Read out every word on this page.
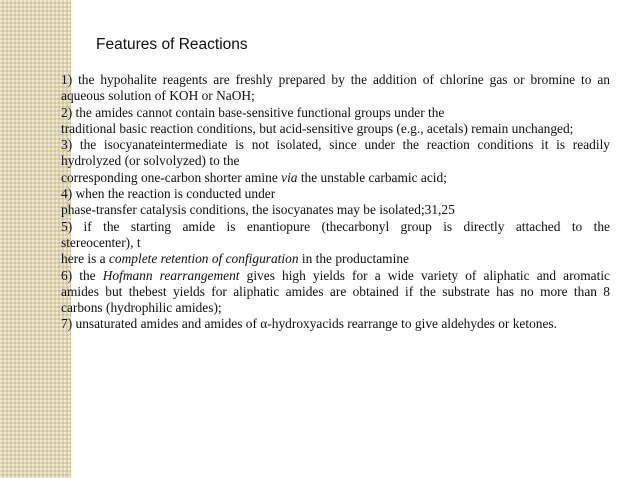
Features of Reactions
1) the hypohalite reagents are freshly prepared by the addition of chlorine gas or bromine to an
aqueous solution of KOH or NaOH;
2) the amides cannot contain base-sensitive functional groups under the
traditional basic reaction conditions, but acid-sensitive groups (e.g., acetals) remain unchanged;
3) the isocyanateintermediate is not isolated, since under the reaction conditions it is readily
hydrolyzed (or solvolyzed) to the
corresponding one-carbon shorter amine via the unstable carbamic acid;
4) when the reaction is conducted under
phase-transfer catalysis conditions, the isocyanates may be isolated;31,25
5) if the starting amide is enantiopure (thecarbonyl group is directly attached to the
stereocenter), t
here is a complete retention of configuration in the productamine
6) the Hofmann rearrangement gives high yields for a wide variety of aliphatic and aromatic
amides but thebest yields for aliphatic amides are obtained if the substrate has no more than 8
carbons (hydrophilic amides);
7) unsaturated amides and amides of α-hydroxyacids rearrange to give aldehydes or ketones.
